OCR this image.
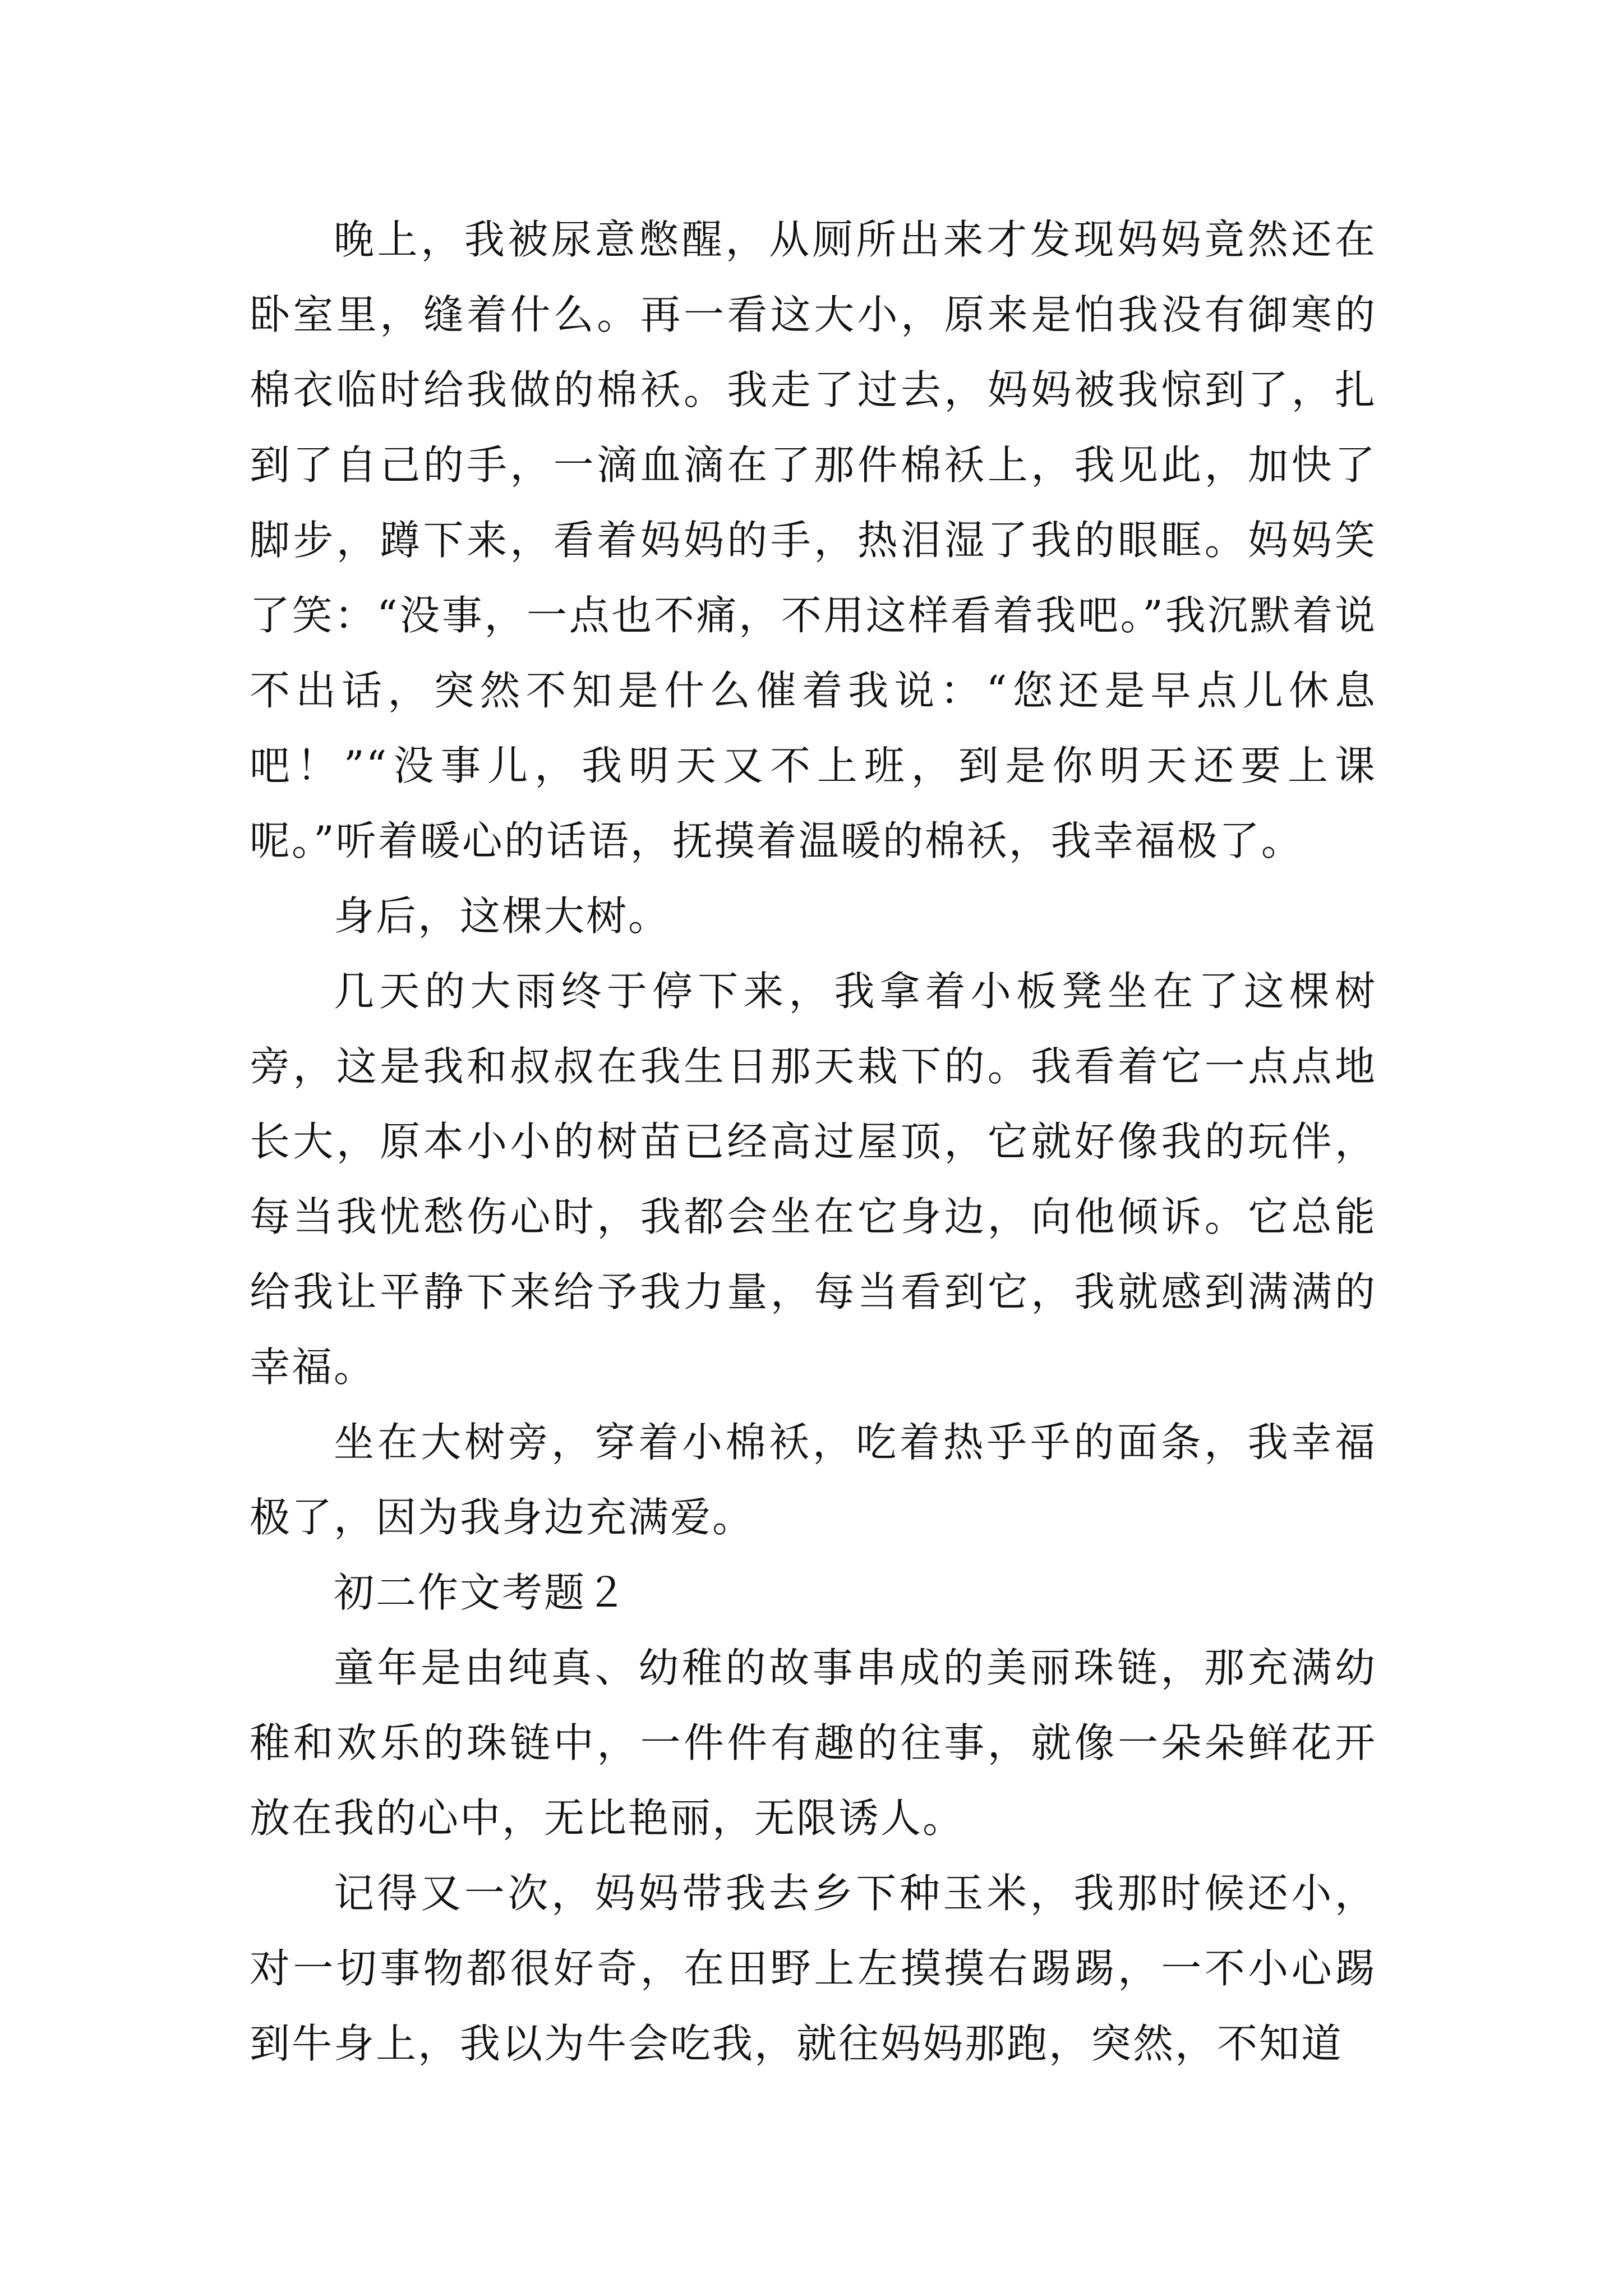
晚上，我被尿意憋醒，从厕所出来才发现妈妈竟然还在卧室里，缝着什么。再一看这大小，原来是怕我没有御寒的棉衣临时给我做的棉袄。我走了过去，妈妈被我惊到了，扎到了自己的手，一滴血滴在了那件棉袄上，我见此，加快了脚步，蹲下来，看着妈妈的手，热泪湿了我的眼眶。妈妈笑了笑：“没事，一点也不痛，不用这样看着我吧。”我沉默着说不出话，突然不知是什么催着我说：“您还是早点儿休息吧！”“没事儿，我明天又不上班，到是你明天还要上课呢。”听着暖心的话语，抚摸着温暖的棉袄，我幸福极了。

身后，这棵大树。

几天的大雨终于停下来，我拿着小板凳坐在了这棵树旁，这是我和叔叔在我生日那天栽下的。我看着它一点点地长大，原本小小的树苗已经高过屋顶，它就好像我的玩伴，每当我忧愁伤心时，我都会坐在它身边，向他倾诉。它总能给我让平静下来给予我力量，每当看到它，我就感到满满的幸福。

坐在大树旁，穿着小棉袄，吃着热乎乎的面条，我幸福极了，因为我身边充满爱。

初二作文考题２

童年是由纯真、幼稚的故事串成的美丽珠链，那充满幼稚和欢乐的珠链中，一件件有趣的往事，就像一朵朵鲜花开放在我的心中，无比艳丽，无限诱人。

记得又一次，妈妈带我去乡下种玉米，我那时候还小，对一切事物都很好奇，在田野上左摸摸右踢踢，一不小心踢到牛身上，我以为牛会吃我，就往妈妈那跑，突然，不知道
